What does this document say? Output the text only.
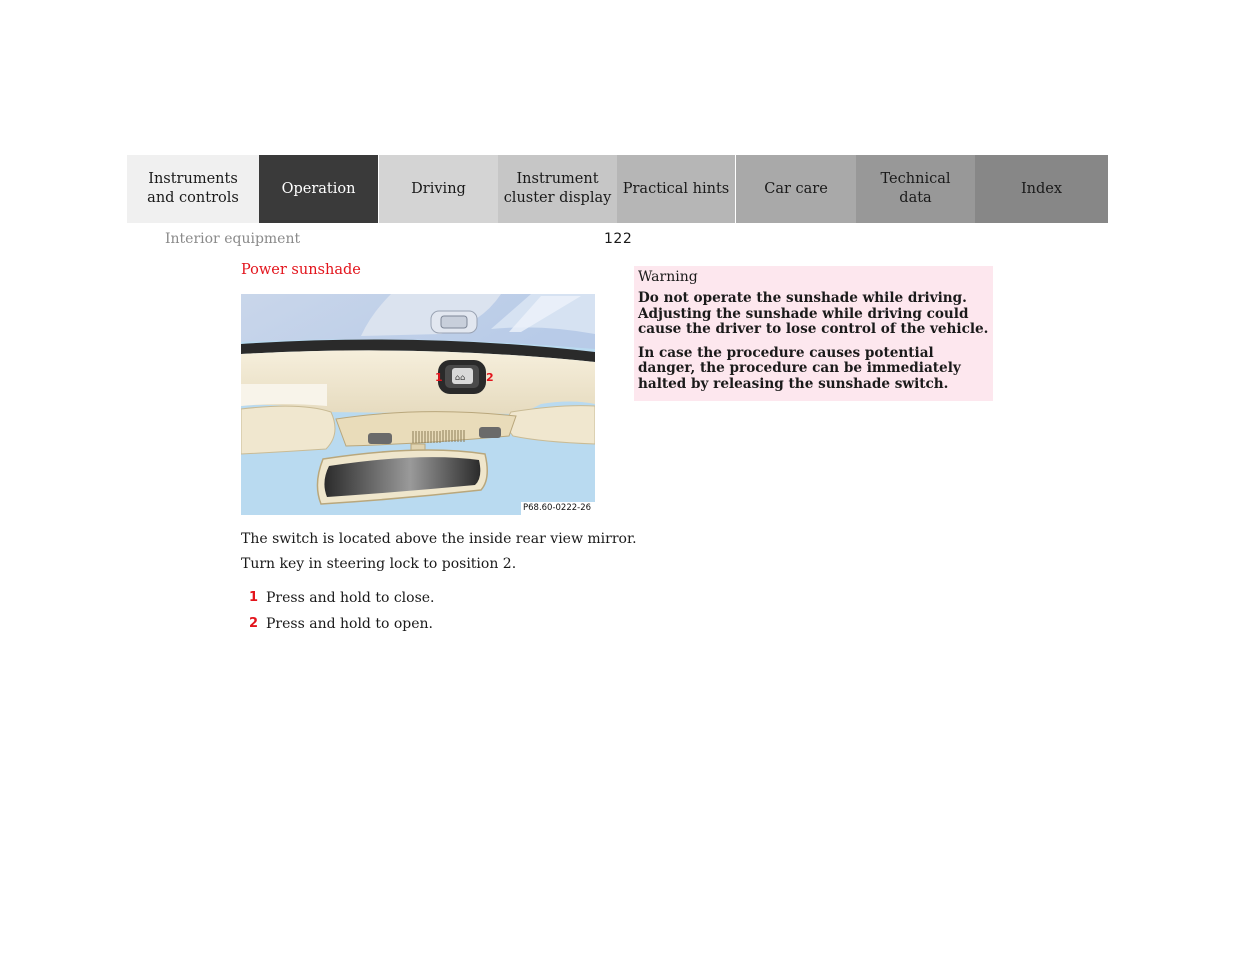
Instruments
and controls
Operation	Driving
Instrument
cluster display
Practical hints Car care
Technical
data
Index
Interior equipment	122
Power sunshade
⌂⌂
1	2
P68.60-0222-26

The switch is located above the inside rear view mirror.

Turn key in steering lock to position 2.

1 Press and hold to close.
2 Press and hold to open.

Warning

Do not operate the sunshade while driving. Adjusting the sunshade while driving could cause the driver to lose control of the vehicle.

In case the procedure causes potential danger, the procedure can be immediately halted by releasing the sunshade switch.
